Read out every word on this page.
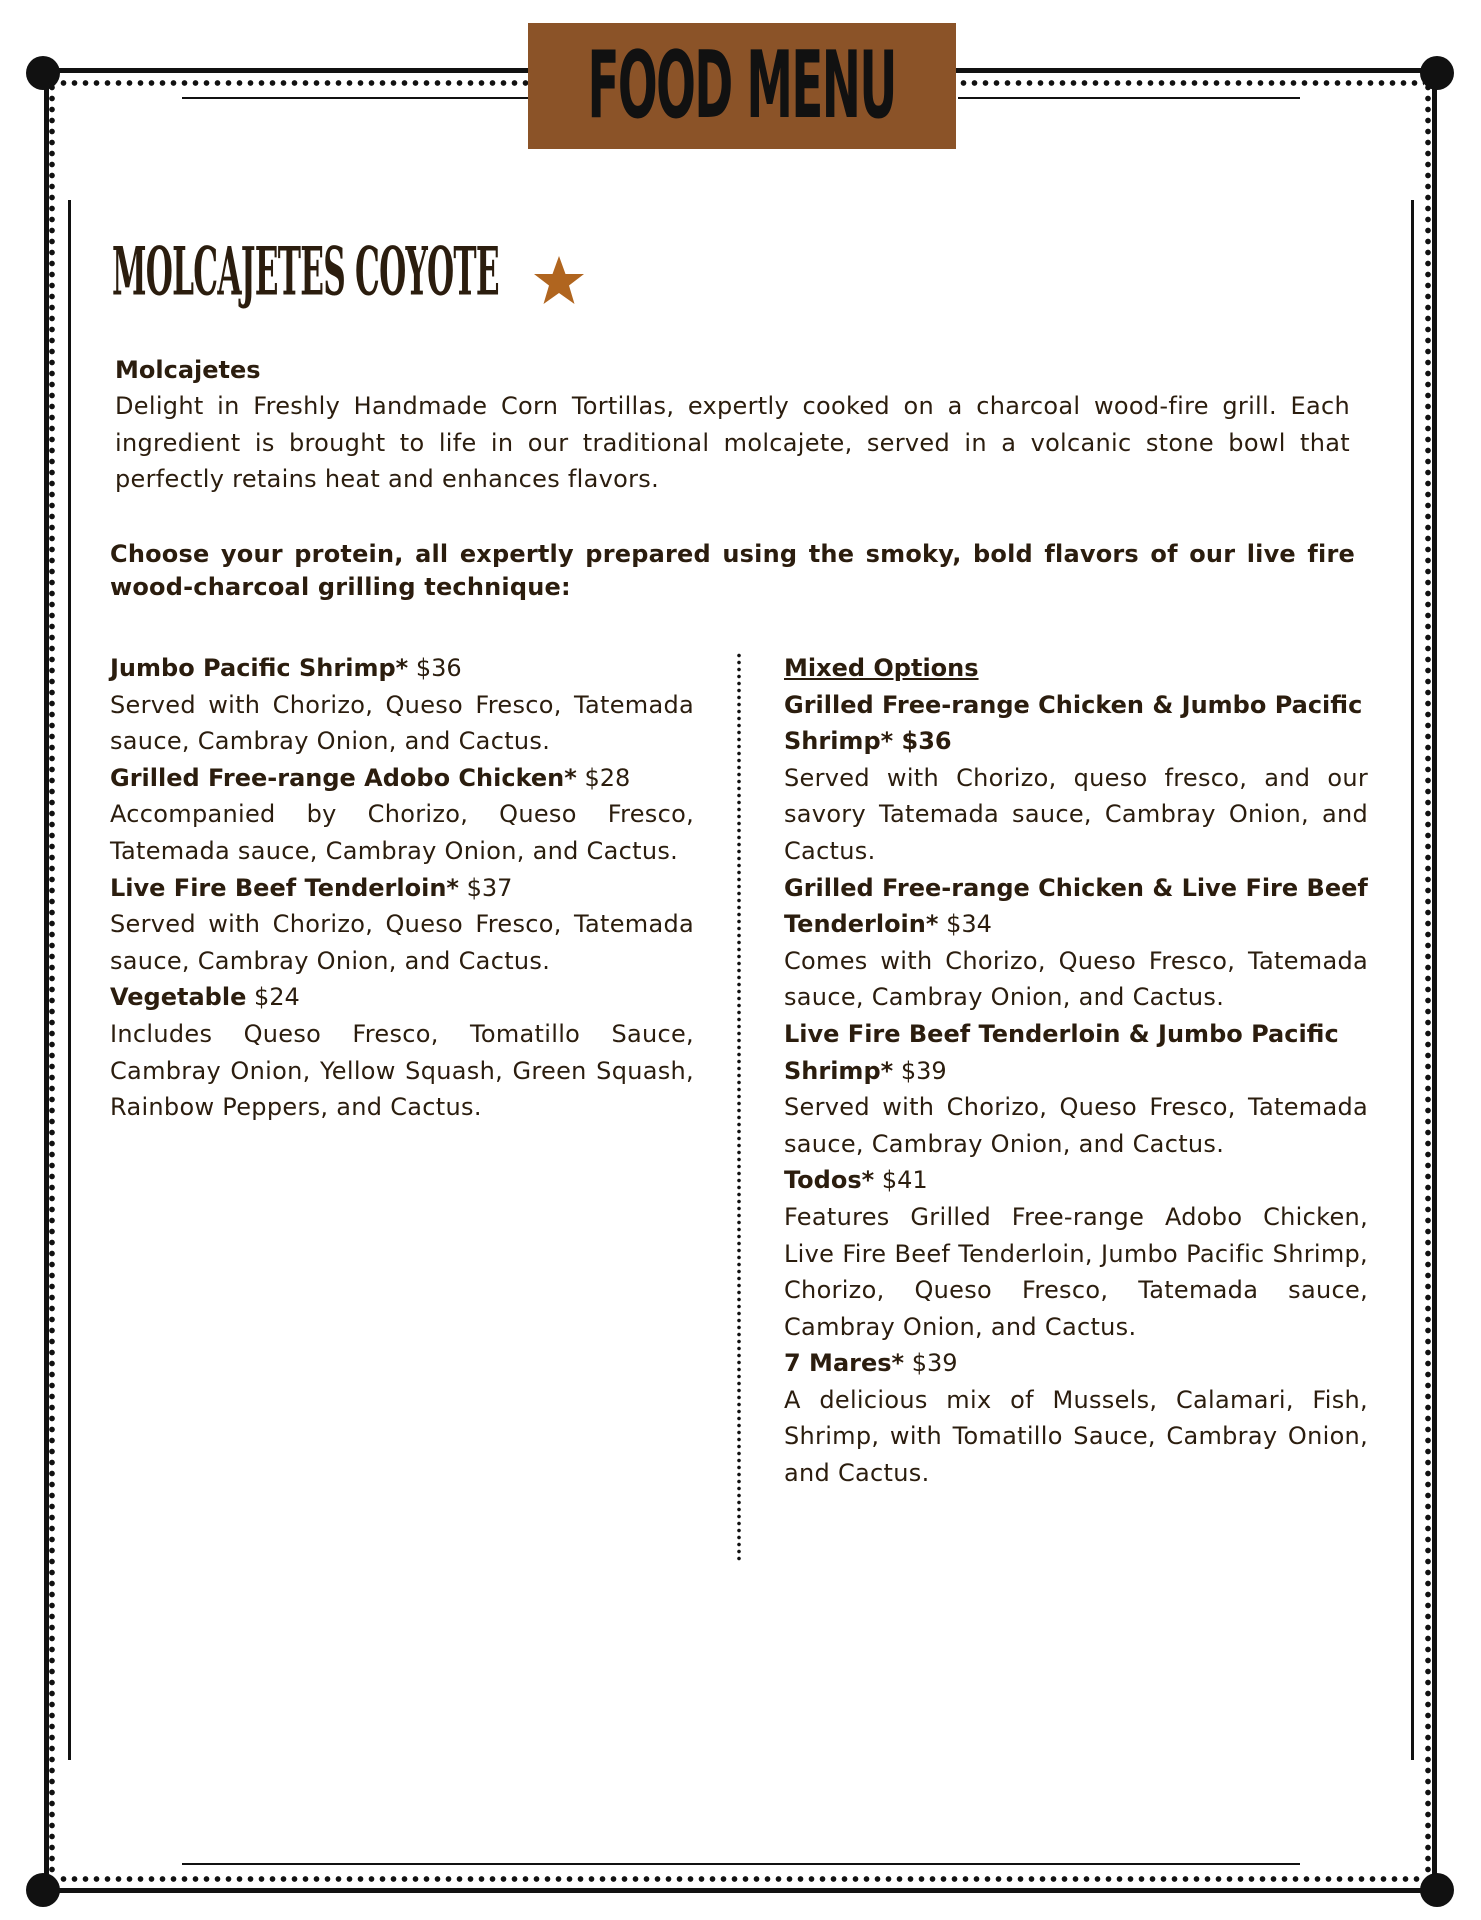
FOOD MENU
MOLCAJETES COYOTE

Molcajetes

Delight in Freshly Handmade Corn Tortillas, expertly cooked on a charcoal wood-fire grill. Each ingredient is brought to life in our traditional molcajete, served in a volcanic stone bowl that perfectly retains heat and enhances flavors.

Choose your protein, all expertly prepared using the smoky, bold flavors of our live fire wood-charcoal grilling technique:

Jumbo Pacific Shrimp* $36

Served with Chorizo, Queso Fresco, Tatemada sauce, Cambray Onion, and Cactus.

Grilled Free-range Adobo Chicken* $28

Accompanied by Chorizo, Queso Fresco, Tatemada sauce, Cambray Onion, and Cactus.

Live Fire Beef Tenderloin* $37

Served with Chorizo, Queso Fresco, Tatemada sauce, Cambray Onion, and Cactus.

Vegetable $24

Includes Queso Fresco, Tomatillo Sauce, Cambray Onion, Yellow Squash, Green Squash, Rainbow Peppers, and Cactus.

Mixed Options

Grilled Free-range Chicken & Jumbo Pacific Shrimp* $36

Served with Chorizo, queso fresco, and our savory Tatemada sauce, Cambray Onion, and Cactus.

Grilled Free-range Chicken & Live Fire Beef Tenderloin* $34

Comes with Chorizo, Queso Fresco, Tatemada sauce, Cambray Onion, and Cactus.

Live Fire Beef Tenderloin & Jumbo Pacific Shrimp* $39

Served with Chorizo, Queso Fresco, Tatemada sauce, Cambray Onion, and Cactus.

Todos* $41

Features Grilled Free-range Adobo Chicken, Live Fire Beef Tenderloin, Jumbo Pacific Shrimp, Chorizo, Queso Fresco, Tatemada sauce, Cambray Onion, and Cactus.

7 Mares* $39

A delicious mix of Mussels, Calamari, Fish, Shrimp, with Tomatillo Sauce, Cambray Onion, and Cactus.
